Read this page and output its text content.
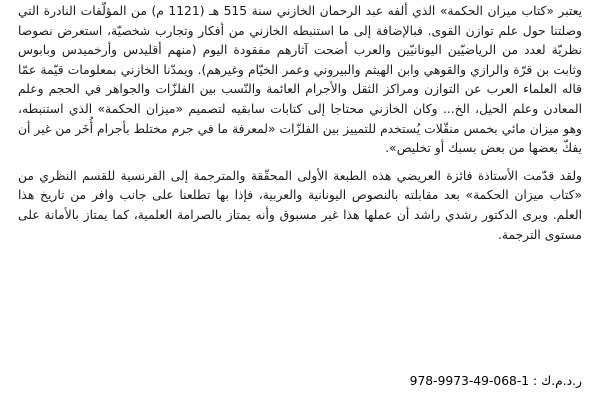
يعتبر «كتاب ميزان الحكمة» الذي ألفه عبد الرحمان الخازني سنة 515 هـ (1121 م) من المؤلّفات النادرة التي وصلتنا حول علم توازن القوى. فبالإضافة إلى ما استنبطه الخازني من أفكار وتجارب شخصيّة، استعرض نصوصا نظريّة لعدد من الرياضيّين اليونانيّين والعرب أضحت آثارهم مفقودة اليوم (منهم أقليدس وأرخميدس وبابوس وثابت بن قرّة والرازي والقوهي وابن الهيثم والبيروني وعمر الخيّام وغيرهم). ويمدّنا الخازني بمعلومات قيّمة عمّا قاله العلماء العرب عن التوازن ومراكز الثقل والأجرام العائمة والنّسب بين الفلزّات والجواهر في الحجم وعلم المعادن وعلم الحيل، الخ... وكان الخازني محتاجا إلى كتابات سابقيه لتصميم «ميزان الحكمة» الذي استنبطه، وهو ميزان مائي بخمس منقّلات يُستخدم للتمييز بين الفلزّات «لمعرفة ما في جرم مختلط بأجرام أُخَر من غير أن يفكّ بعضها من بعض بسبك أو تخليص».

ولقد قدّمت الأستاذة فائزة العريضي هذه الطبعة الأولى المحقّقة والمترجمة إلى الفرنسية للقسم النظري من «كتاب ميزان الحكمة» بعد مقابلته بالنصوص اليونانية والعربية، فإذا بها تطلعنا على جانب وافر من تاريخ هذا العلم. ويرى الدكتور رشدي راشد أن عملها هذا غير مسبوق وأنه يمتاز بالصرامة العلمية، كما يمتاز بالأمانة على مستوى الترجمة.

ر.د.م.ك : 978-9973-49-068-1
